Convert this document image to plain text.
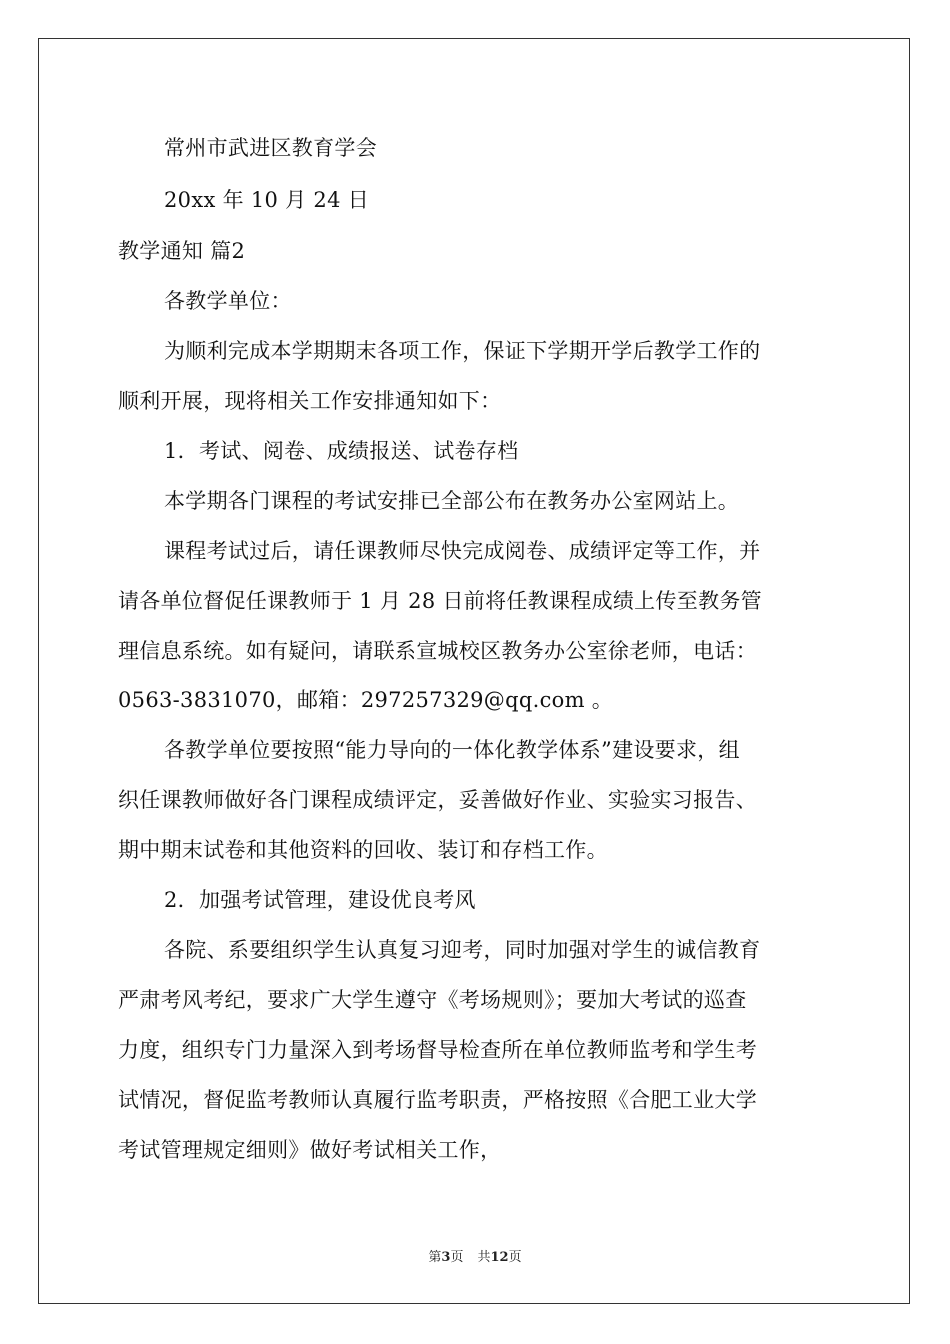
常州市武进区教育学会
20xx 年 10 月 24 日
教学通知 篇2
各教学单位：
为顺利完成本学期期末各项工作，保证下学期开学后教学工作的
顺利开展，现将相关工作安排通知如下：
1．考试、阅卷、成绩报送、试卷存档
本学期各门课程的考试安排已全部公布在教务办公室网站上。
课程考试过后，请任课教师尽快完成阅卷、成绩评定等工作，并
请各单位督促任课教师于 1 月 28 日前将任教课程成绩上传至教务管
理信息系统。如有疑问，请联系宣城校区教务办公室徐老师，电话：
0563-3831070，邮箱：297257329@qq.com 。
各教学单位要按照“能力导向的一体化教学体系”建设要求，组
织任课教师做好各门课程成绩评定，妥善做好作业、实验实习报告、
期中期末试卷和其他资料的回收、装订和存档工作。
2．加强考试管理，建设优良考风
各院、系要组织学生认真复习迎考，同时加强对学生的诚信教育
严肃考风考纪，要求广大学生遵守《考场规则》；要加大考试的巡查
力度，组织专门力量深入到考场督导检查所在单位教师监考和学生考
试情况，督促监考教师认真履行监考职责，严格按照《合肥工业大学
考试管理规定细则》做好考试相关工作，
第3页 共12页
